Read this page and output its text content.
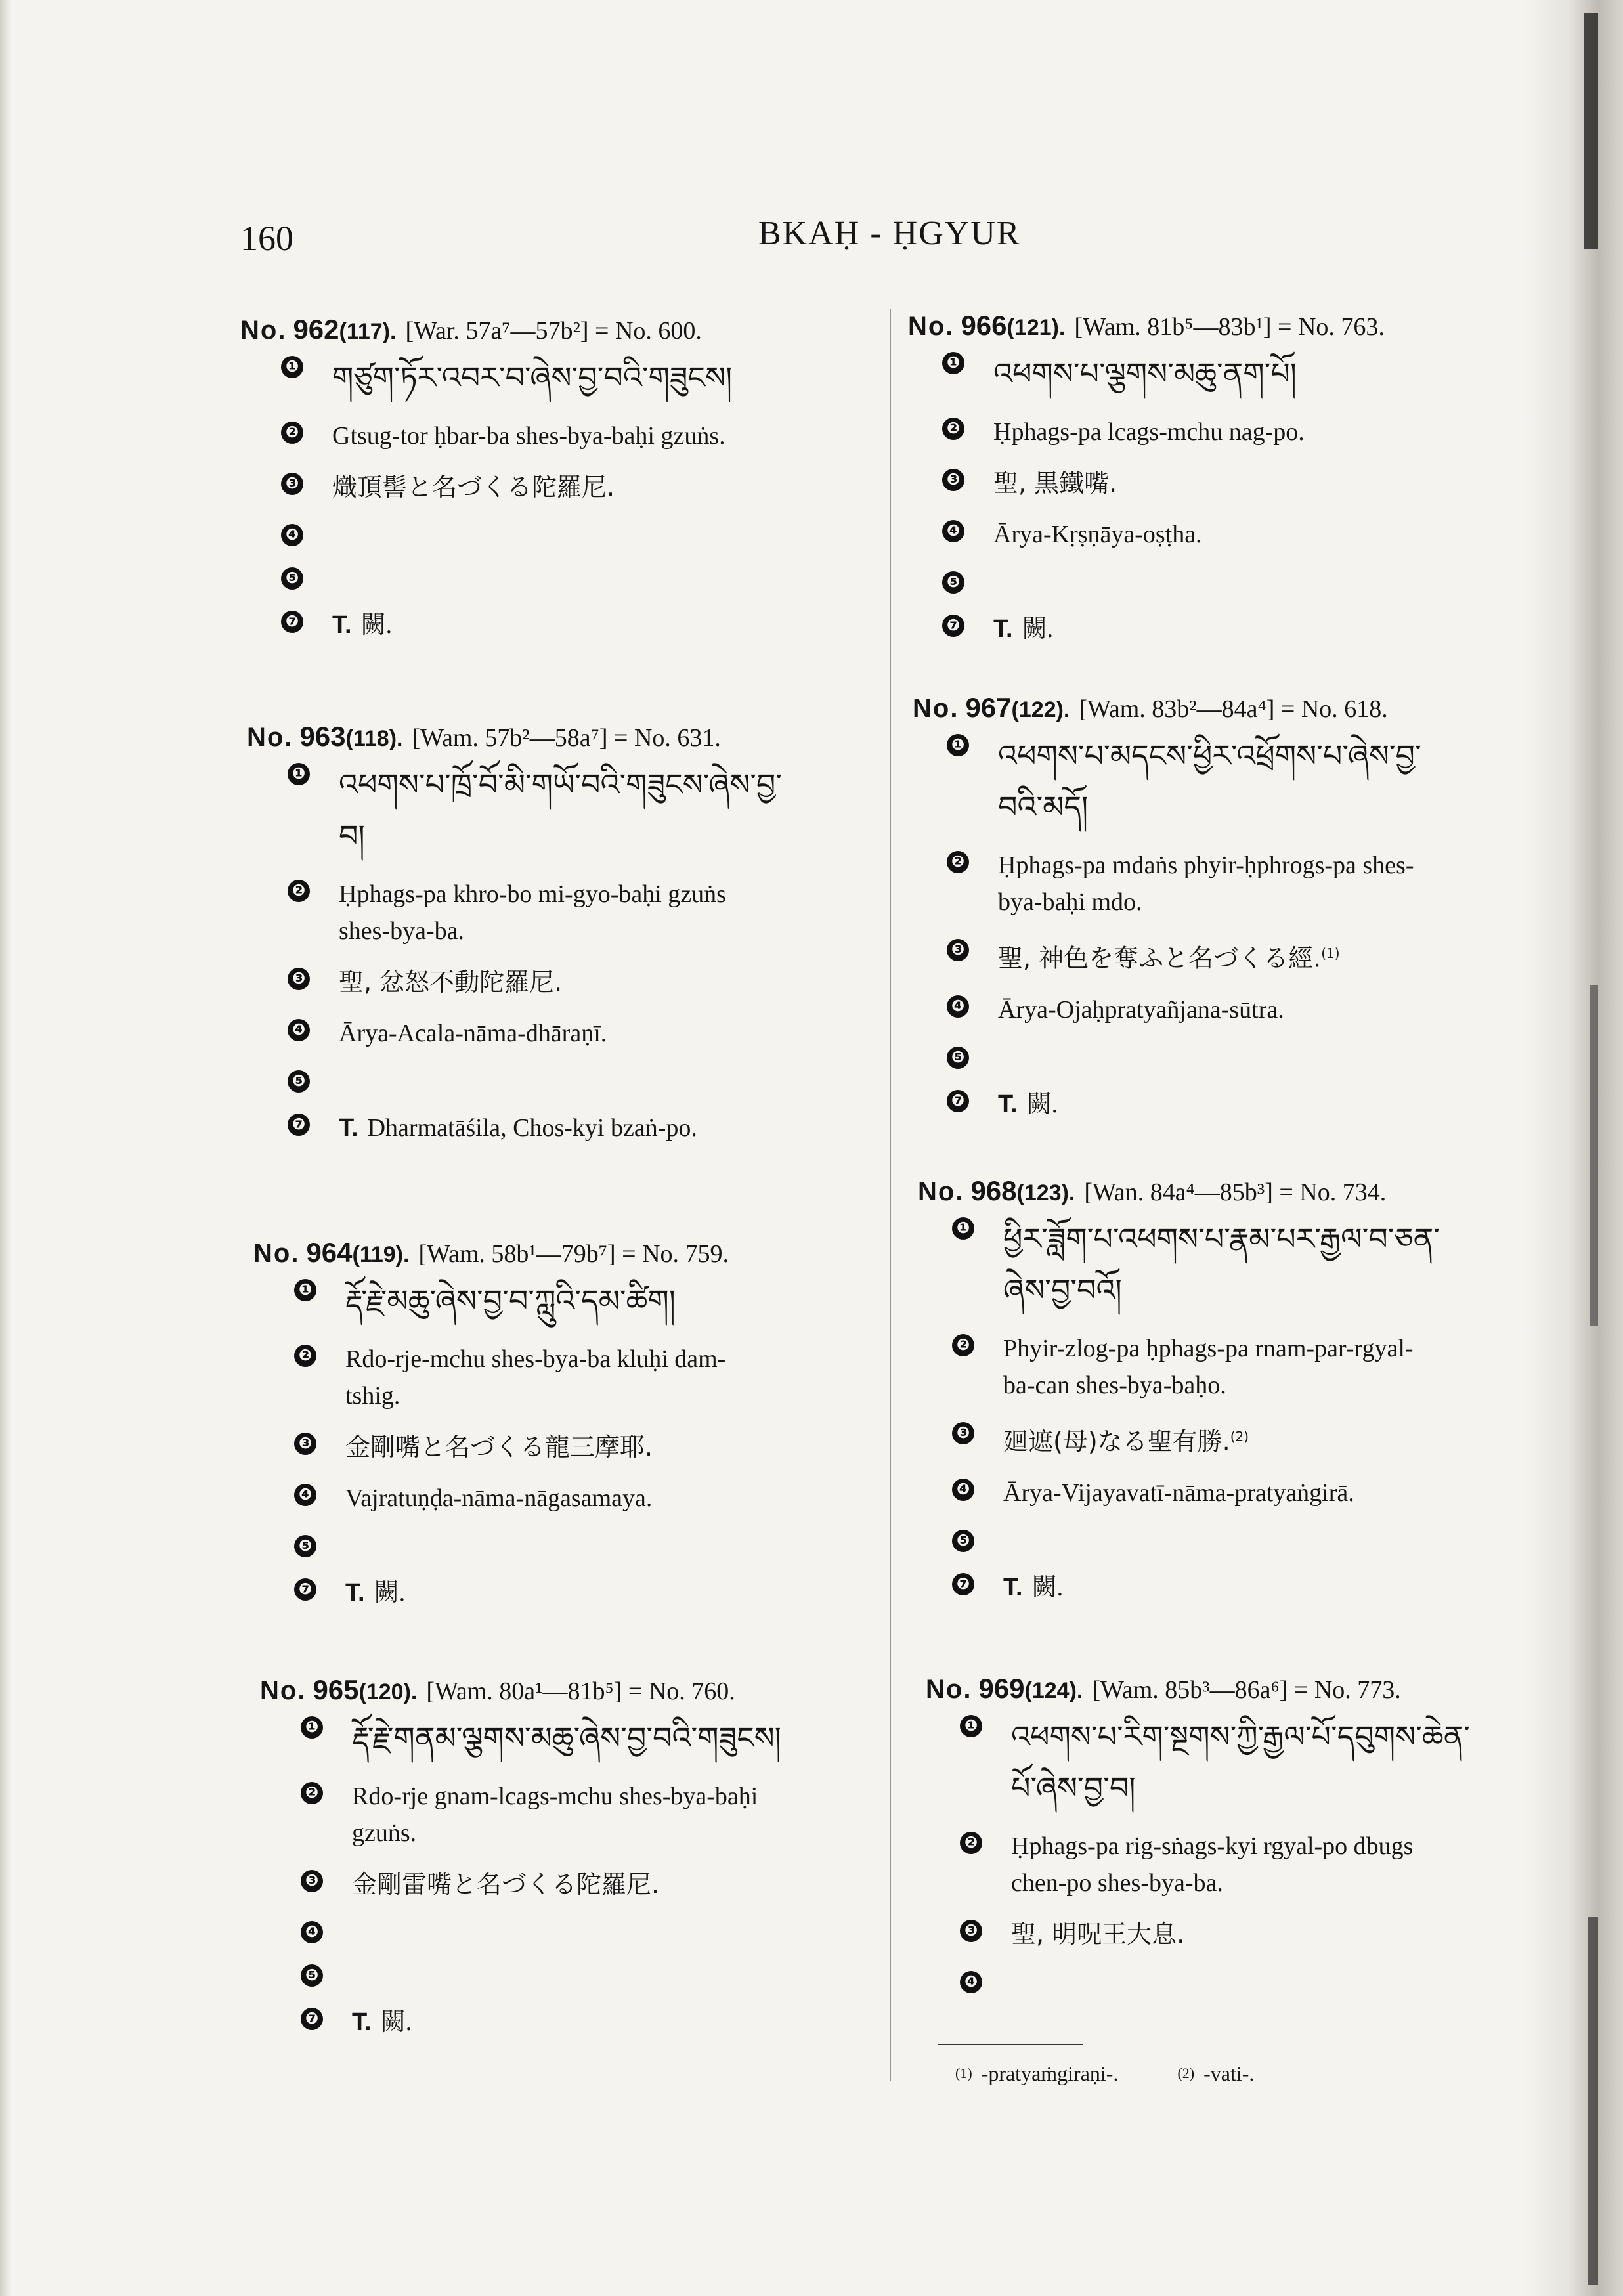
160	BKAḤ - ḤGYUR
No. 962(117). [War. 57a⁷—57b²] = No. 600.
❶ གཙུག་ཏོར་འབར་བ་ཞེས་བྱ་བའི་གཟུངས།
❷ Gtsug-tor ḥbar-ba shes-bya-baḥi gzuṅs.
❸ 熾頂髻と名づくる陀羅尼.
❹
❺
❼ T. 闕.
No. 963(118). [Wam. 57b²—58a⁷] = No. 631.
❶ འཕགས་པ་ཁྲོ་བོ་མི་གཡོ་བའི་གཟུངས་ཞེས་བྱ་
བ།
❷ Ḥphags-pa khro-bo mi-gyo-baḥi gzuṅs
shes-bya-ba.
❸ 聖, 忿怒不動陀羅尼.
❹ Ārya-Acala-nāma-dhāraṇī.
❺
❼ T. Dharmatāśila, Chos-kyi bzaṅ-po.
No. 964(119). [Wam. 58b¹—79b⁷] = No. 759.
❶ རྡོ་རྗེ་མཆུ་ཞེས་བྱ་བ་ཀླུའི་དམ་ཚིག།
❷ Rdo-rje-mchu shes-bya-ba kluḥi dam-
tshig.
❸ 金剛嘴と名づくる龍三摩耶.
❹ Vajratuṇḍa-nāma-nāgasamaya.
❺
❼ T. 闕.
No. 965(120). [Wam. 80a¹—81b⁵] = No. 760.
❶ རྡོ་རྗེ་གནམ་ལྕགས་མཆུ་ཞེས་བྱ་བའི་གཟུངས།
❷ Rdo-rje gnam-lcags-mchu shes-bya-baḥi
gzuṅs.
❸ 金剛雷嘴と名づくる陀羅尼.
❹
❺
❼ T. 闕.
No. 966(121). [Wam. 81b⁵—83b¹] = No. 763.
❶ འཕགས་པ་ལྕགས་མཆུ་ནག་པོ།
❷ Ḥphags-pa lcags-mchu nag-po.
❸ 聖, 黒鐵嘴.
❹ Ārya-Kṛṣṇāya-oṣṭha.
❺
❼ T. 闕.
No. 967(122). [Wam. 83b²—84a⁴] = No. 618.
❶ འཕགས་པ་མདངས་ཕྱིར་འཕྲོགས་པ་ཞེས་བྱ་
བའི་མདོ།
❷ Ḥphags-pa mdaṅs phyir-ḥphrogs-pa shes-
bya-baḥi mdo.
❸ 聖, 神色を奪ふと名づくる經.$^{(1)}$
❹ Ārya-Ojaḥpratyañjana-sūtra.
❺
❼ T. 闕.
No. 968(123). [Wan. 84a⁴—85b³] = No. 734.
❶ ཕྱིར་ཟློག་པ་འཕགས་པ་རྣམ་པར་རྒྱལ་བ་ཅན་
ཞེས་བྱ་བའོ།
❷ Phyir-zlog-pa ḥphags-pa rnam-par-rgyal-
ba-can shes-bya-baḥo.
❸ 廻遮(母)なる聖有勝.$^{(2)}$
❹ Ārya-Vijayavatī-nāma-pratyaṅgirā.
❺
❼ T. 闕.
No. 969(124). [Wam. 85b³—86a⁶] = No. 773.
❶ འཕགས་པ་རིག་སྔགས་ཀྱི་རྒྱལ་པོ་དབུགས་ཆེན་
པོ་ཞེས་བྱ་བ།
❷ Ḥphags-pa rig-sṅags-kyi rgyal-po dbugs
chen-po shes-bya-ba.
❸ 聖, 明呪王大息.
❹
(1) -pratyaṁgiraṇi-.	(2) -vati-.
